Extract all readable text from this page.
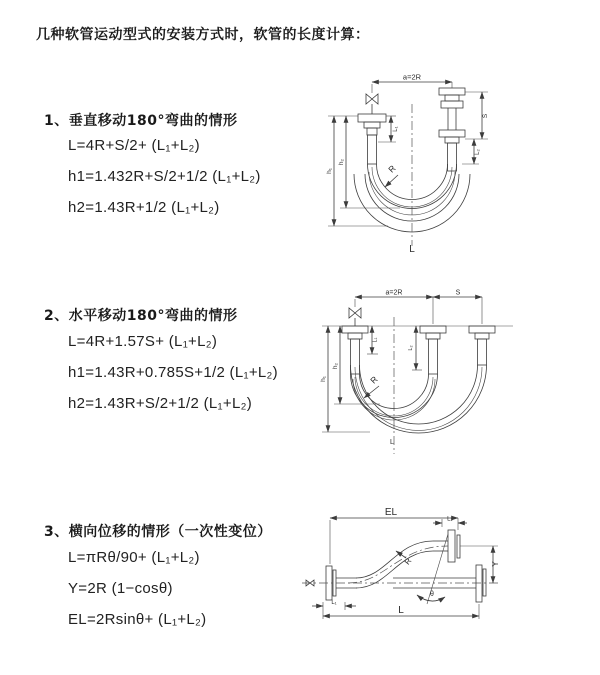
几种软管运动型式的安装方式时，软管的长度计算：
1、垂直移动180°弯曲的情形
L=4R+S/2+ (L₁+L₂)
h1=1.432R+S/2+1/2 (L₁+L₂)
h2=1.43R+1/2 (L₁+L₂)
2、水平移动180°弯曲的情形
L=4R+1.57S+ (L₁+L₂)
h1=1.43R+0.785S+1/2 (L₁+L₂)
h2=1.43R+S/2+1/2 (L₁+L₂)
3、横向位移的情形（一次性变位）
L=πRθ/90+ (L₁+L₂)
Y=2R (1−cosθ)
EL=2Rsinθ+ (L₁+L₂)
a=2R
L₁
S
L₂
R
L
h₁
h₂
a=2R	S
L₁
L₂
h₁
h₂
R
L
EL
L₂
Y
θ
R
L₁
L
